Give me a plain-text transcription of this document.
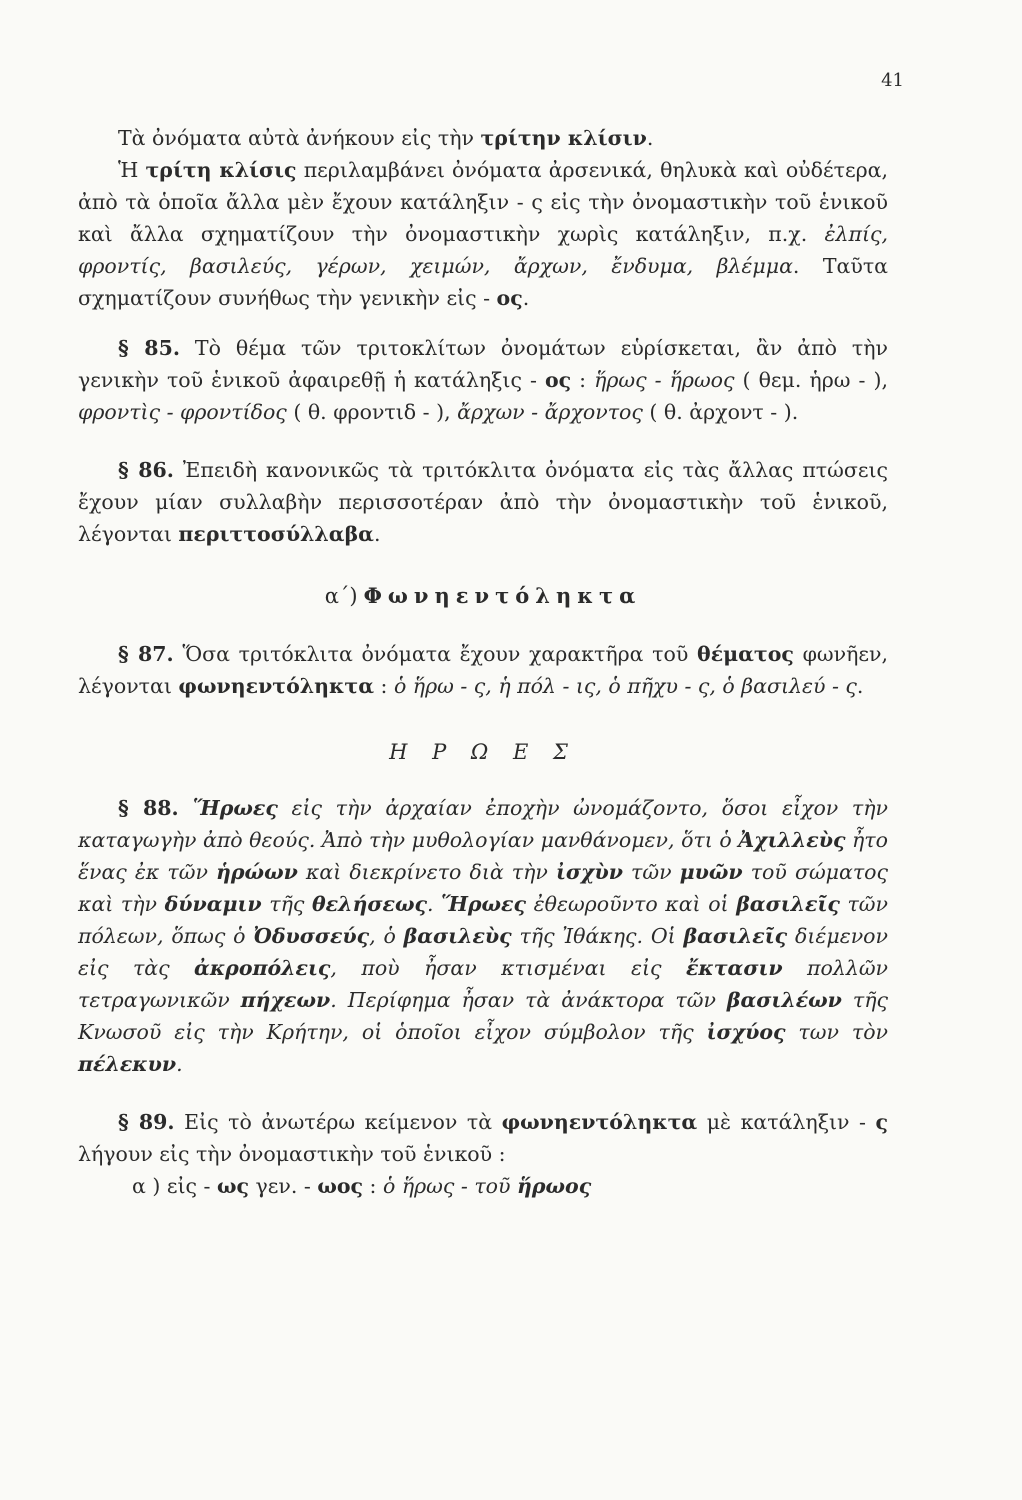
41

Τὰ ὀνόματα αὐτὰ ἀνήκουν εἰς τὴν τρίτην κλίσιν.

Ἡ τρίτη κλίσις περιλαμβάνει ὀνόματα ἀρσενικά, θηλυκὰ καὶ οὐδέτερα, ἀπὸ τὰ ὁποῖα ἄλλα μὲν ἔχουν κατάληξιν - ς εἰς τὴν ὀνομαστικὴν τοῦ ἑνικοῦ καὶ ἄλλα σχηματίζουν τὴν ὀνομαστικὴν χωρὶς κατάληξιν, π.χ. ἐλπίς, φροντίς, βασιλεύς, γέρων, χειμών, ἄρχων, ἔνδυμα, βλέμμα. Ταῦτα σχηματίζουν συνήθως τὴν γενικὴν εἰς - ος.

§ 85. Τὸ θέμα τῶν τριτοκλίτων ὀνομάτων εὑρίσκεται, ἂν ἀπὸ τὴν γενικὴν τοῦ ἑνικοῦ ἀφαιρεθῇ ἡ κατάληξις - ος : ἥρως - ἥρωος ( θεμ. ἡρω - ), φροντὶς - φροντίδος ( θ. φροντιδ - ), ἄρχων - ἄρχοντος ( θ. ἀρχοντ - ).

§ 86. Ἐπειδὴ κανονικῶς τὰ τριτόκλιτα ὀνόματα εἰς τὰς ἄλλας πτώσεις ἔχουν μίαν συλλαβὴν περισσοτέραν ἀπὸ τὴν ὀνομαστικὴν τοῦ ἑνικοῦ, λέγονται περιττοσύλλαβα.

α΄) Φωνηεντόληκτα

§ 87. Ὅσα τριτόκλιτα ὀνόματα ἔχουν χαρακτῆρα τοῦ θέματος φωνῆεν, λέγονται φωνηεντόληκτα : ὁ ἥρω - ς, ἡ πόλ - ις, ὁ πῆχυ - ς, ὁ βασιλεύ - ς.

Η Ρ Ω Ε Σ

§ 88. Ἥρωες εἰς τὴν ἀρχαίαν ἐποχὴν ὠνομάζοντο, ὅσοι εἶχον τὴν καταγωγὴν ἀπὸ θεούς. Ἀπὸ τὴν μυθολογίαν μανθάνομεν, ὅτι ὁ Ἀχιλλεὺς ἦτο ἕνας ἐκ τῶν ἡρώων καὶ διεκρίνετο διὰ τὴν ἰσχὺν τῶν μυῶν τοῦ σώματος καὶ τὴν δύναμιν τῆς θελήσεως. Ἥρωες ἐθεωροῦντο καὶ οἱ βασιλεῖς τῶν πόλεων, ὅπως ὁ Ὀδυσσεύς, ὁ βασιλεὺς τῆς Ἰθάκης. Οἱ βασιλεῖς διέμενον εἰς τὰς ἀκροπόλεις, ποὺ ἦσαν κτισμέναι εἰς ἔκτασιν πολλῶν τετραγωνικῶν πήχεων. Περίφημα ἦσαν τὰ ἀνάκτορα τῶν βασιλέων τῆς Κνωσοῦ εἰς τὴν Κρήτην, οἱ ὁποῖοι εἶχον σύμβολον τῆς ἰσχύος των τὸν πέλεκυν.

§ 89. Εἰς τὸ ἀνωτέρω κείμενον τὰ φωνηεντόληκτα μὲ κατάληξιν - ς λήγουν εἰς τὴν ὀνομαστικὴν τοῦ ἑνικοῦ :

α ) εἰς - ως γεν. - ωος : ὁ ἥρως - τοῦ ἥρωος
